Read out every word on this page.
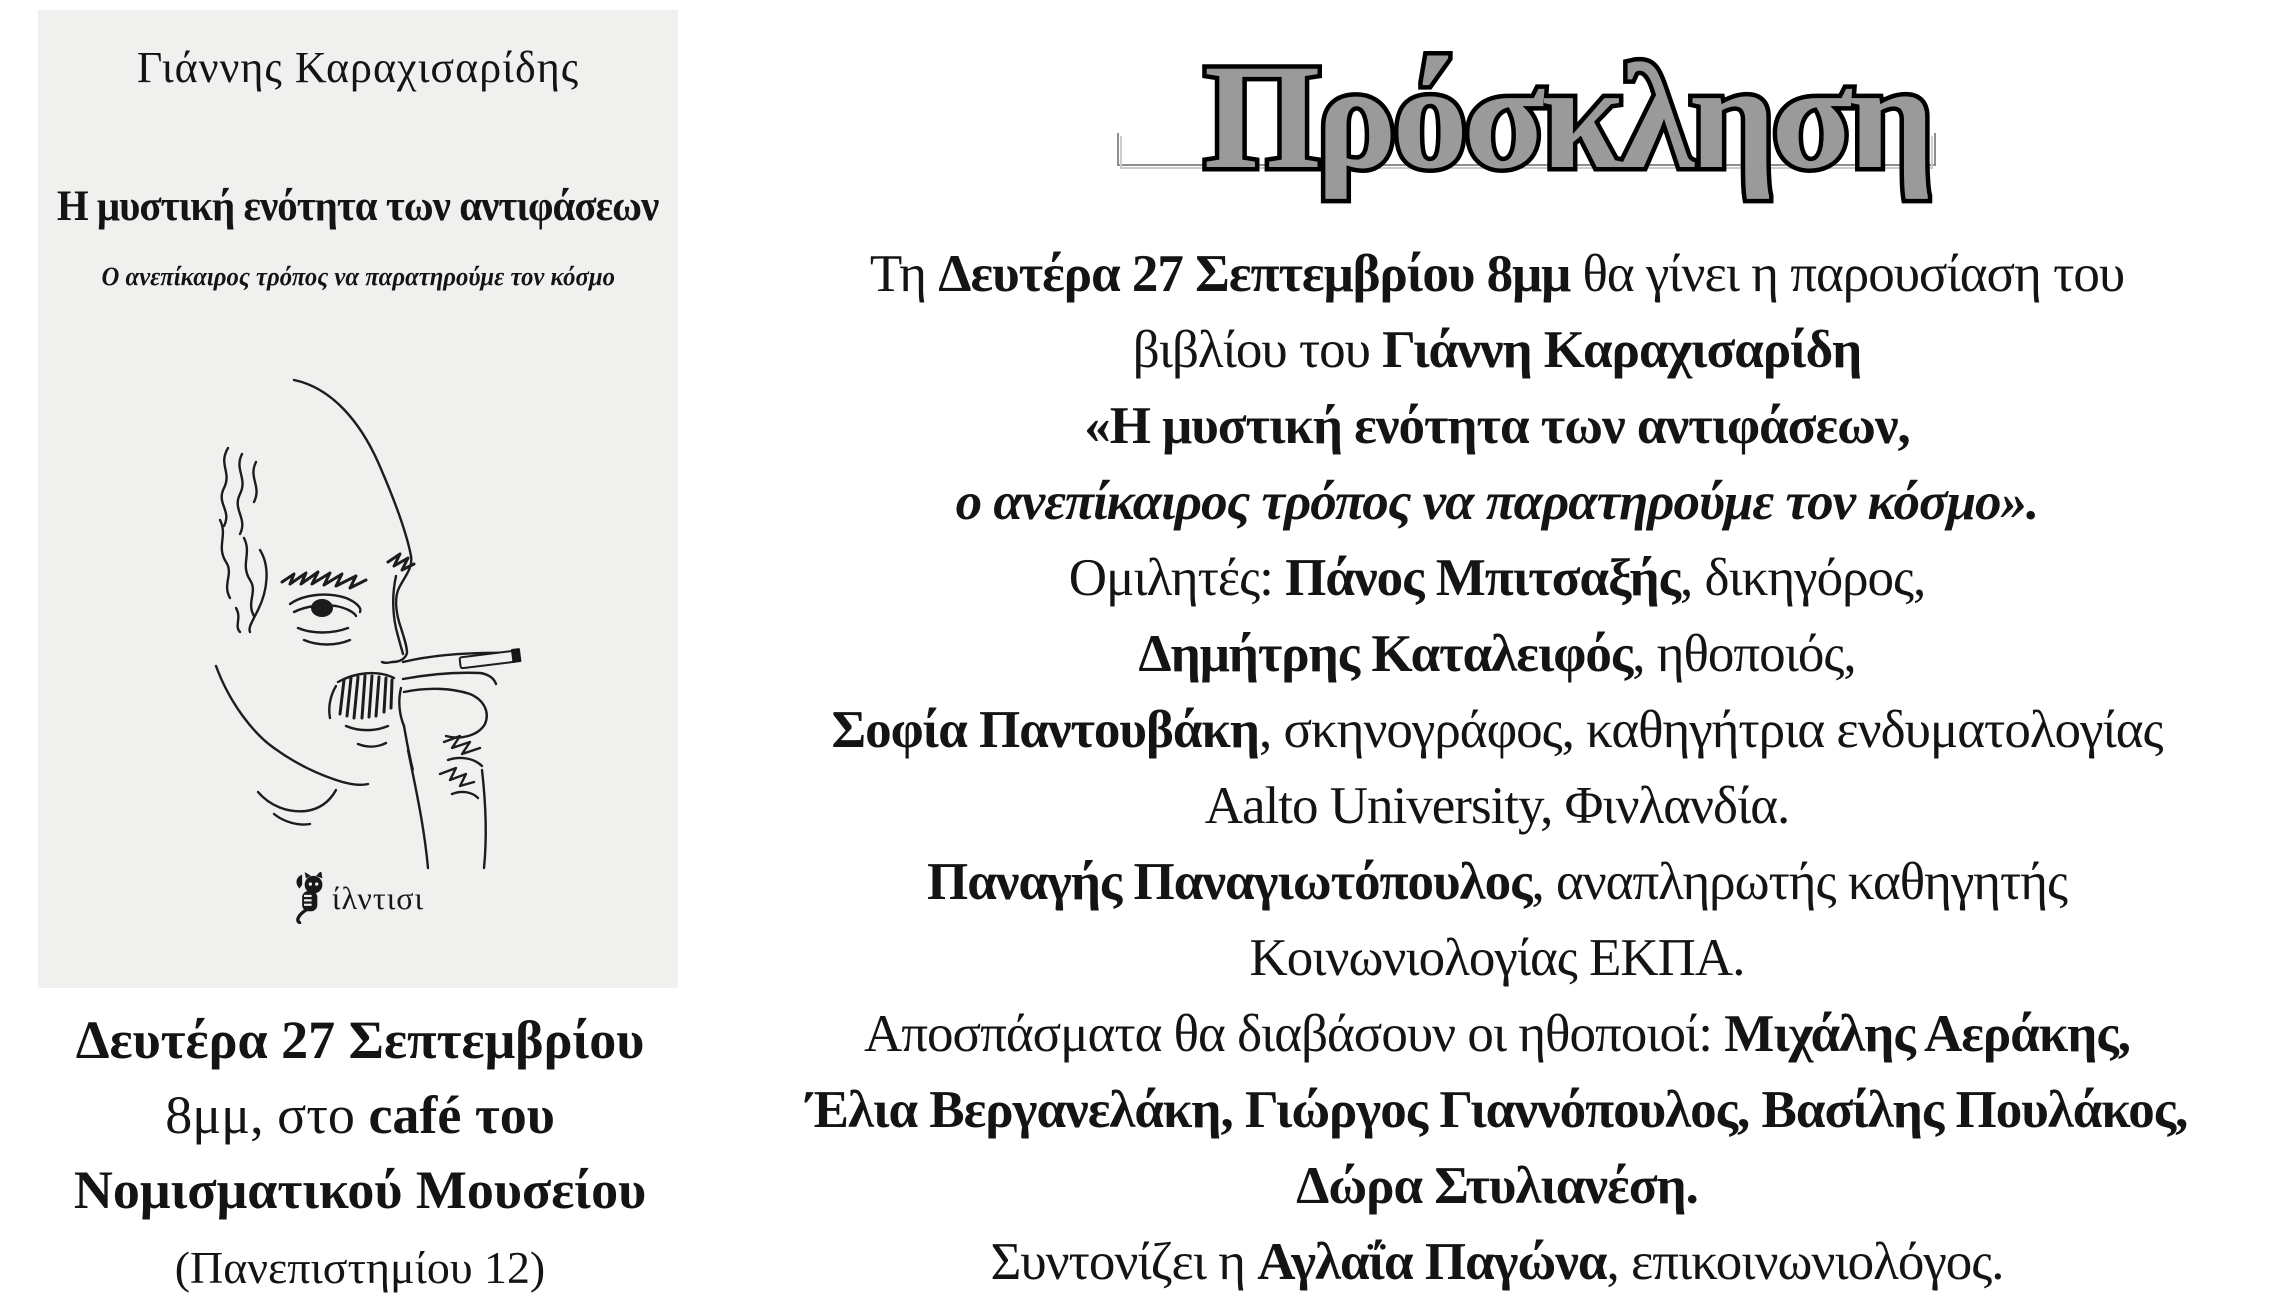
Γιάννης Καραχισαρίδης
Η μυστική ενότητα των αντιφάσεων
Ο ανεπίκαιρος τρόπος να παρατηρούμε τον κόσμο
ίλντισι
Δευτέρα 27 Σεπτεμβρίου
8μμ, στο café του
Νομισματικού Μουσείου
(Πανεπιστημίου 12)
Πρόσκληση
Τη Δευτέρα 27 Σεπτεμβρίου 8μμ θα γίνει η παρουσίαση του
βιβλίου του Γιάννη Καραχισαρίδη
«Η μυστική ενότητα των αντιφάσεων,
ο ανεπίκαιρος τρόπος να παρατηρούμε τον κόσμο».
Ομιλητές: Πάνος Μπιτσαξής, δικηγόρος,
Δημήτρης Καταλειφός, ηθοποιός,
Σοφία Παντουβάκη, σκηνογράφος, καθηγήτρια ενδυματολογίας
Aalto University, Φινλανδία.
Παναγής Παναγιωτόπουλος, αναπληρωτής καθηγητής
Κοινωνιολογίας ΕΚΠΑ.
Αποσπάσματα θα διαβάσουν οι ηθοποιοί: Μιχάλης Αεράκης,
Έλια Βεργανελάκη, Γιώργος Γιαννόπουλος, Βασίλης Πουλάκος,
Δώρα Στυλιανέση.
Συντονίζει η Αγλαΐα Παγώνα, επικοινωνιολόγος.
